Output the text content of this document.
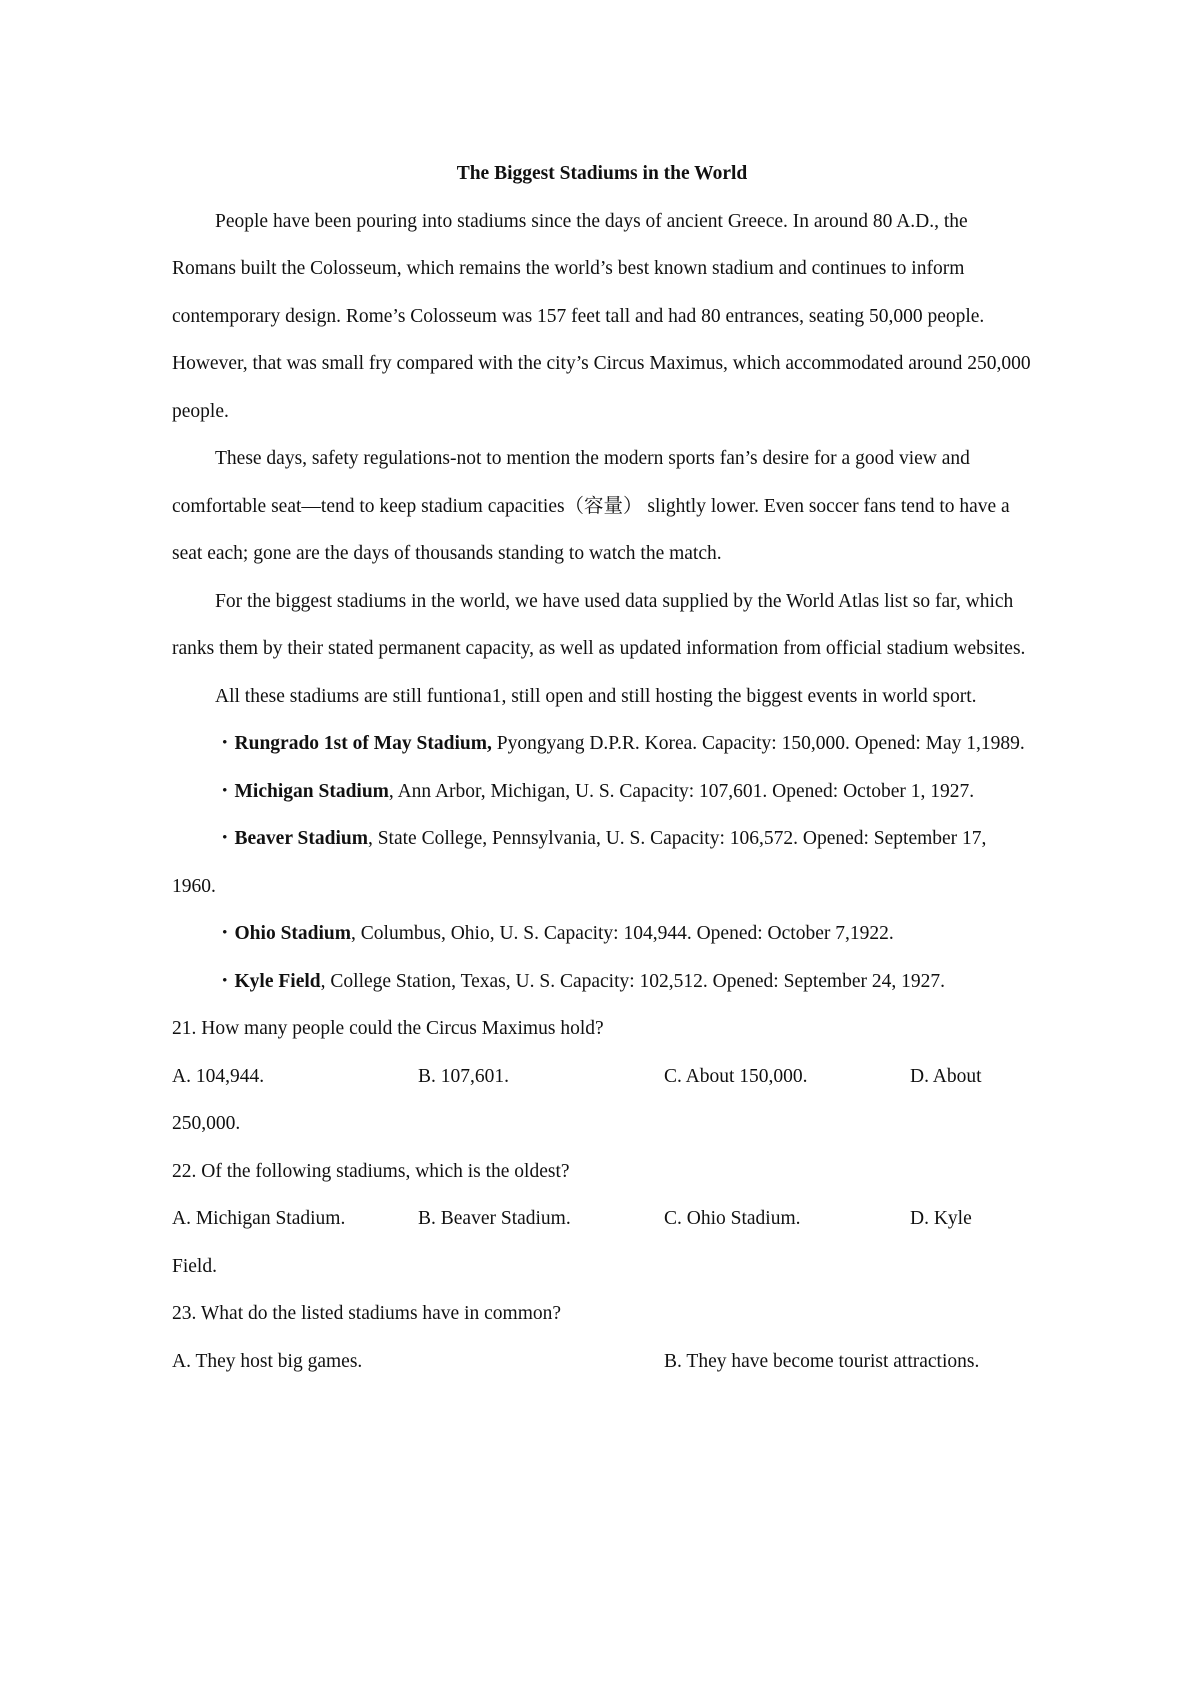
The Biggest Stadiums in the World

People have been pouring into stadiums since the days of ancient Greece. In around 80 A.D., the Romans built the Colosseum, which remains the world’s best known stadium and continues to inform contemporary design. Rome’s Colosseum was 157 feet tall and had 80 entrances, seating 50,000 people. However, that was small fry compared with the city’s Circus Maximus, which accommodated around 250,000 people.

These days, safety regulations-not to mention the modern sports fan’s desire for a good view and comfortable seat—tend to keep stadium capacities（容量） slightly lower. Even soccer fans tend to have a seat each; gone are the days of thousands standing to watch the match.

For the biggest stadiums in the world, we have used data supplied by the World Atlas list so far, which ranks them by their stated permanent capacity, as well as updated information from official stadium websites.

All these stadiums are still funtiona1, still open and still hosting the biggest events in world sport.

・Rungrado 1st of May Stadium, Pyongyang D.P.R. Korea. Capacity: 150,000. Opened: May 1,1989.

・Michigan Stadium, Ann Arbor, Michigan, U. S. Capacity: 107,601. Opened: October 1, 1927.

・Beaver Stadium, State College, Pennsylvania, U. S. Capacity: 106,572. Opened: September 17, 1960.

・Ohio Stadium, Columbus, Ohio, U. S. Capacity: 104,944. Opened: October 7,1922.

・Kyle Field, College Station, Texas, U. S. Capacity: 102,512. Opened: September 24, 1927.

21. How many people could the Circus Maximus hold?

A. 104,944.	B. 107,601.	C. About 150,000.	D. About

250,000.

22. Of the following stadiums, which is the oldest?

A. Michigan Stadium.	B. Beaver Stadium.	C. Ohio Stadium.	D. Kyle

Field.

23. What do the listed stadiums have in common?

A. They host big games.	B. They have become tourist attractions.
